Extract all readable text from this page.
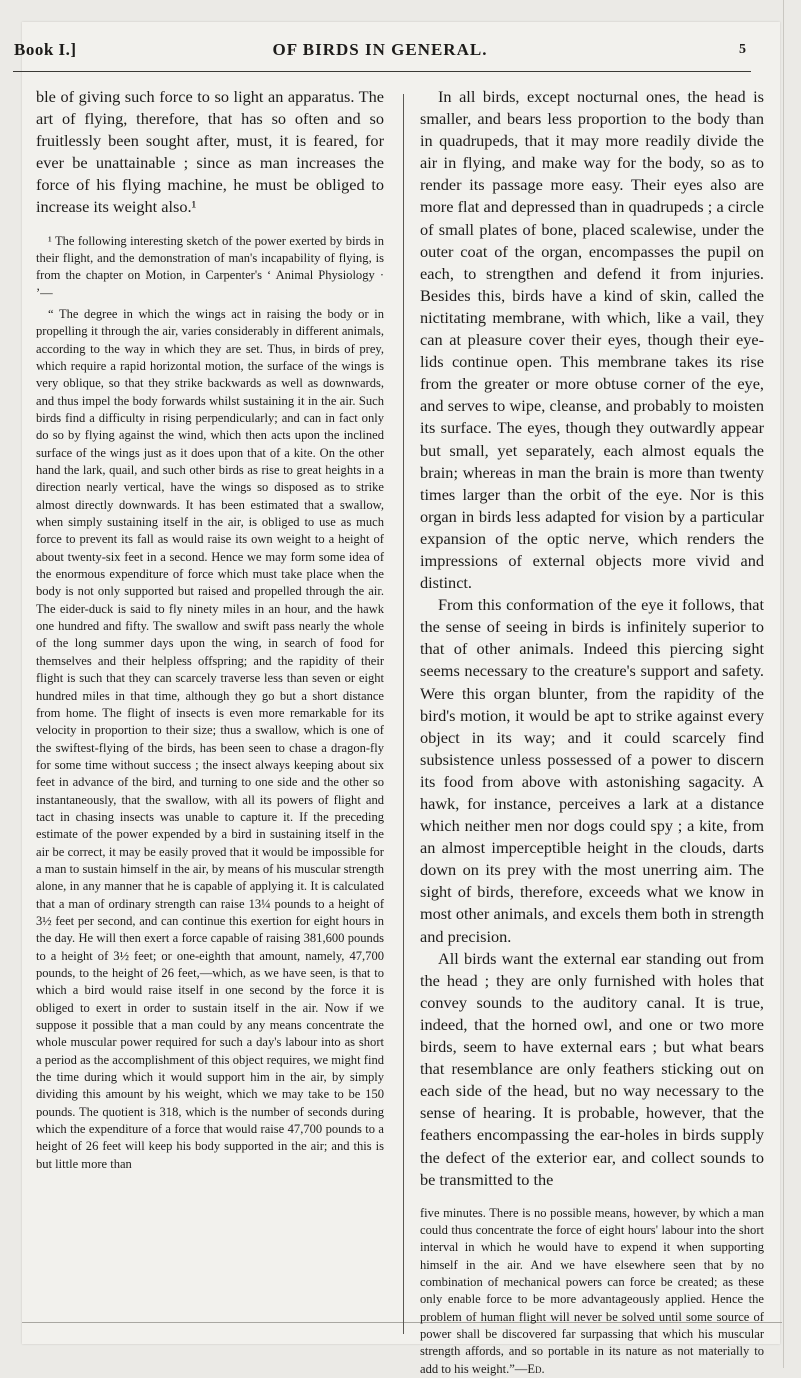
Book I.]	OF BIRDS IN GENERAL.	5

ble of giving such force to so light an apparatus. The art of flying, therefore, that has so often and so fruitlessly been sought after, must, it is feared, for ever be unattainable ; since as man increases the force of his flying machine, he must be obliged to increase its weight also.¹

¹ The following interesting sketch of the power exerted by birds in their flight, and the demonstration of man's incapability of flying, is from the chapter on Motion, in Carpenter's ‘ Animal Physiology · ’—

“ The degree in which the wings act in raising the body or in propelling it through the air, varies considerably in different animals, according to the way in which they are set. Thus, in birds of prey, which require a rapid horizontal motion, the surface of the wings is very oblique, so that they strike backwards as well as downwards, and thus impel the body forwards whilst sustaining it in the air. Such birds find a difficulty in rising perpendicularly; and can in fact only do so by flying against the wind, which then acts upon the inclined surface of the wings just as it does upon that of a kite. On the other hand the lark, quail, and such other birds as rise to great heights in a direction nearly vertical, have the wings so disposed as to strike almost directly downwards. It has been estimated that a swallow, when simply sustaining itself in the air, is obliged to use as much force to prevent its fall as would raise its own weight to a height of about twenty-six feet in a second. Hence we may form some idea of the enormous expenditure of force which must take place when the body is not only supported but raised and propelled through the air. The eider-duck is said to fly ninety miles in an hour, and the hawk one hundred and fifty. The swallow and swift pass nearly the whole of the long summer days upon the wing, in search of food for themselves and their helpless offspring; and the rapidity of their flight is such that they can scarcely traverse less than seven or eight hundred miles in that time, although they go but a short distance from home. The flight of insects is even more remarkable for its velocity in proportion to their size; thus a swallow, which is one of the swiftest-flying of the birds, has been seen to chase a dragon-fly for some time without success ; the insect always keeping about six feet in advance of the bird, and turning to one side and the other so instantaneously, that the swallow, with all its powers of flight and tact in chasing insects was unable to capture it. If the preceding estimate of the power expended by a bird in sustaining itself in the air be correct, it may be easily proved that it would be impossible for a man to sustain himself in the air, by means of his muscular strength alone, in any manner that he is capable of applying it. It is calculated that a man of ordinary strength can raise 13¼ pounds to a height of 3½ feet per second, and can continue this exertion for eight hours in the day. He will then exert a force capable of raising 381,600 pounds to a height of 3½ feet; or one-eighth that amount, namely, 47,700 pounds, to the height of 26 feet,—which, as we have seen, is that to which a bird would raise itself in one second by the force it is obliged to exert in order to sustain itself in the air. Now if we suppose it possible that a man could by any means concentrate the whole muscular power required for such a day's labour into as short a period as the accomplishment of this object requires, we might find the time during which it would support him in the air, by simply dividing this amount by his weight, which we may take to be 150 pounds. The quotient is 318, which is the number of seconds during which the expenditure of a force that would raise 47,700 pounds to a height of 26 feet will keep his body supported in the air; and this is but little more than

In all birds, except nocturnal ones, the head is smaller, and bears less proportion to the body than in quadrupeds, that it may more readily divide the air in flying, and make way for the body, so as to render its passage more easy. Their eyes also are more flat and depressed than in quadrupeds ; a circle of small plates of bone, placed scalewise, under the outer coat of the organ, encompasses the pupil on each, to strengthen and defend it from injuries. Besides this, birds have a kind of skin, called the nictitating membrane, with which, like a vail, they can at pleasure cover their eyes, though their eye-lids continue open. This membrane takes its rise from the greater or more obtuse corner of the eye, and serves to wipe, cleanse, and probably to moisten its surface. The eyes, though they outwardly appear but small, yet separately, each almost equals the brain; whereas in man the brain is more than twenty times larger than the orbit of the eye. Nor is this organ in birds less adapted for vision by a particular expansion of the optic nerve, which renders the impressions of external objects more vivid and distinct.

From this conformation of the eye it follows, that the sense of seeing in birds is infinitely superior to that of other animals. Indeed this piercing sight seems necessary to the creature's support and safety. Were this organ blunter, from the rapidity of the bird's motion, it would be apt to strike against every object in its way; and it could scarcely find subsistence unless possessed of a power to discern its food from above with astonishing sagacity. A hawk, for instance, perceives a lark at a distance which neither men nor dogs could spy ; a kite, from an almost imperceptible height in the clouds, darts down on its prey with the most unerring aim. The sight of birds, therefore, exceeds what we know in most other animals, and excels them both in strength and precision.

All birds want the external ear standing out from the head ; they are only furnished with holes that convey sounds to the auditory canal. It is true, indeed, that the horned owl, and one or two more birds, seem to have external ears ; but what bears that resemblance are only feathers sticking out on each side of the head, but no way necessary to the sense of hearing. It is probable, however, that the feathers encompassing the ear-holes in birds supply the defect of the exterior ear, and collect sounds to be transmitted to the

five minutes. There is no possible means, however, by which a man could thus concentrate the force of eight hours' labour into the short interval in which he would have to expend it when supporting himself in the air. And we have elsewhere seen that by no combination of mechanical powers can force be created; as these only enable force to be more advantageously applied. Hence the problem of human flight will never be solved until some source of power shall be discovered far surpassing that which his muscular strength affords, and so portable in its nature as not materially to add to his weight.”—Ed.
